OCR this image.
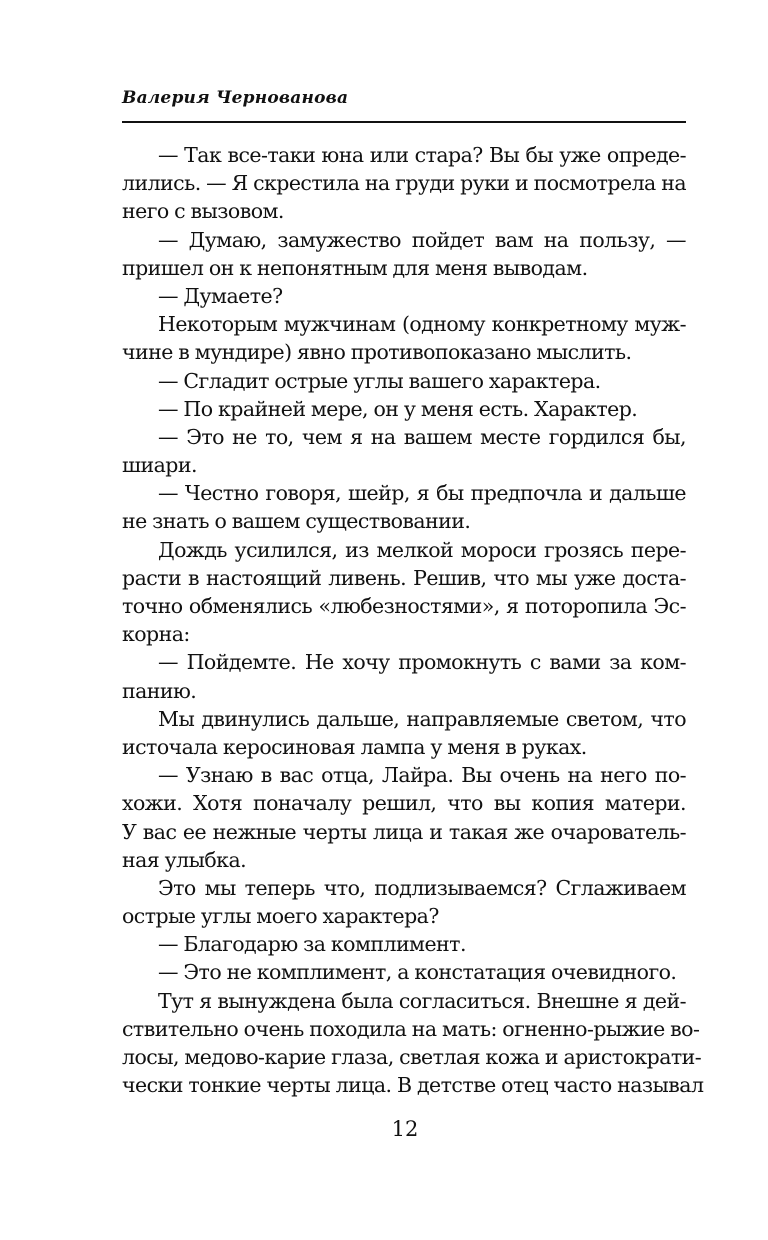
Валерия Чернованова
— Так все-таки юна или стара? Вы бы уже опреде-
лились. — Я скрестила на груди руки и посмотрела на
него с вызовом.
— Думаю, замужество пойдет вам на пользу, —
пришел он к непонятным для меня выводам.
— Думаете?
Некоторым мужчинам (одному конкретному муж-
чине в мундире) явно противопоказано мыслить.
— Сгладит острые углы вашего характера.
— По крайней мере, он у меня есть. Характер.
— Это не то, чем я на вашем месте гордился бы,
шиари.
— Честно говоря, шейр, я бы предпочла и дальше
не знать о вашем существовании.
Дождь усилился, из мелкой мороси грозясь пере-
расти в настоящий ливень. Решив, что мы уже доста-
точно обменялись «любезностями», я поторопила Эс-
корна:
— Пойдемте. Не хочу промокнуть с вами за ком-
панию.
Мы двинулись дальше, направляемые светом, что
источала керосиновая лампа у меня в руках.
— Узнаю в вас отца, Лайра. Вы очень на него по-
хожи. Хотя поначалу решил, что вы копия матери.
У вас ее нежные черты лица и такая же очарователь-
ная улыбка.
Это мы теперь что, подлизываемся? Сглаживаем
острые углы моего характера?
— Благодарю за комплимент.
— Это не комплимент, а констатация очевидного.
Тут я вынуждена была согласиться. Внешне я дей-
ствительно очень походила на мать: огненно-рыжие во-
лосы, медово-карие глаза, светлая кожа и аристократи-
чески тонкие черты лица. В детстве отец часто называл
12
